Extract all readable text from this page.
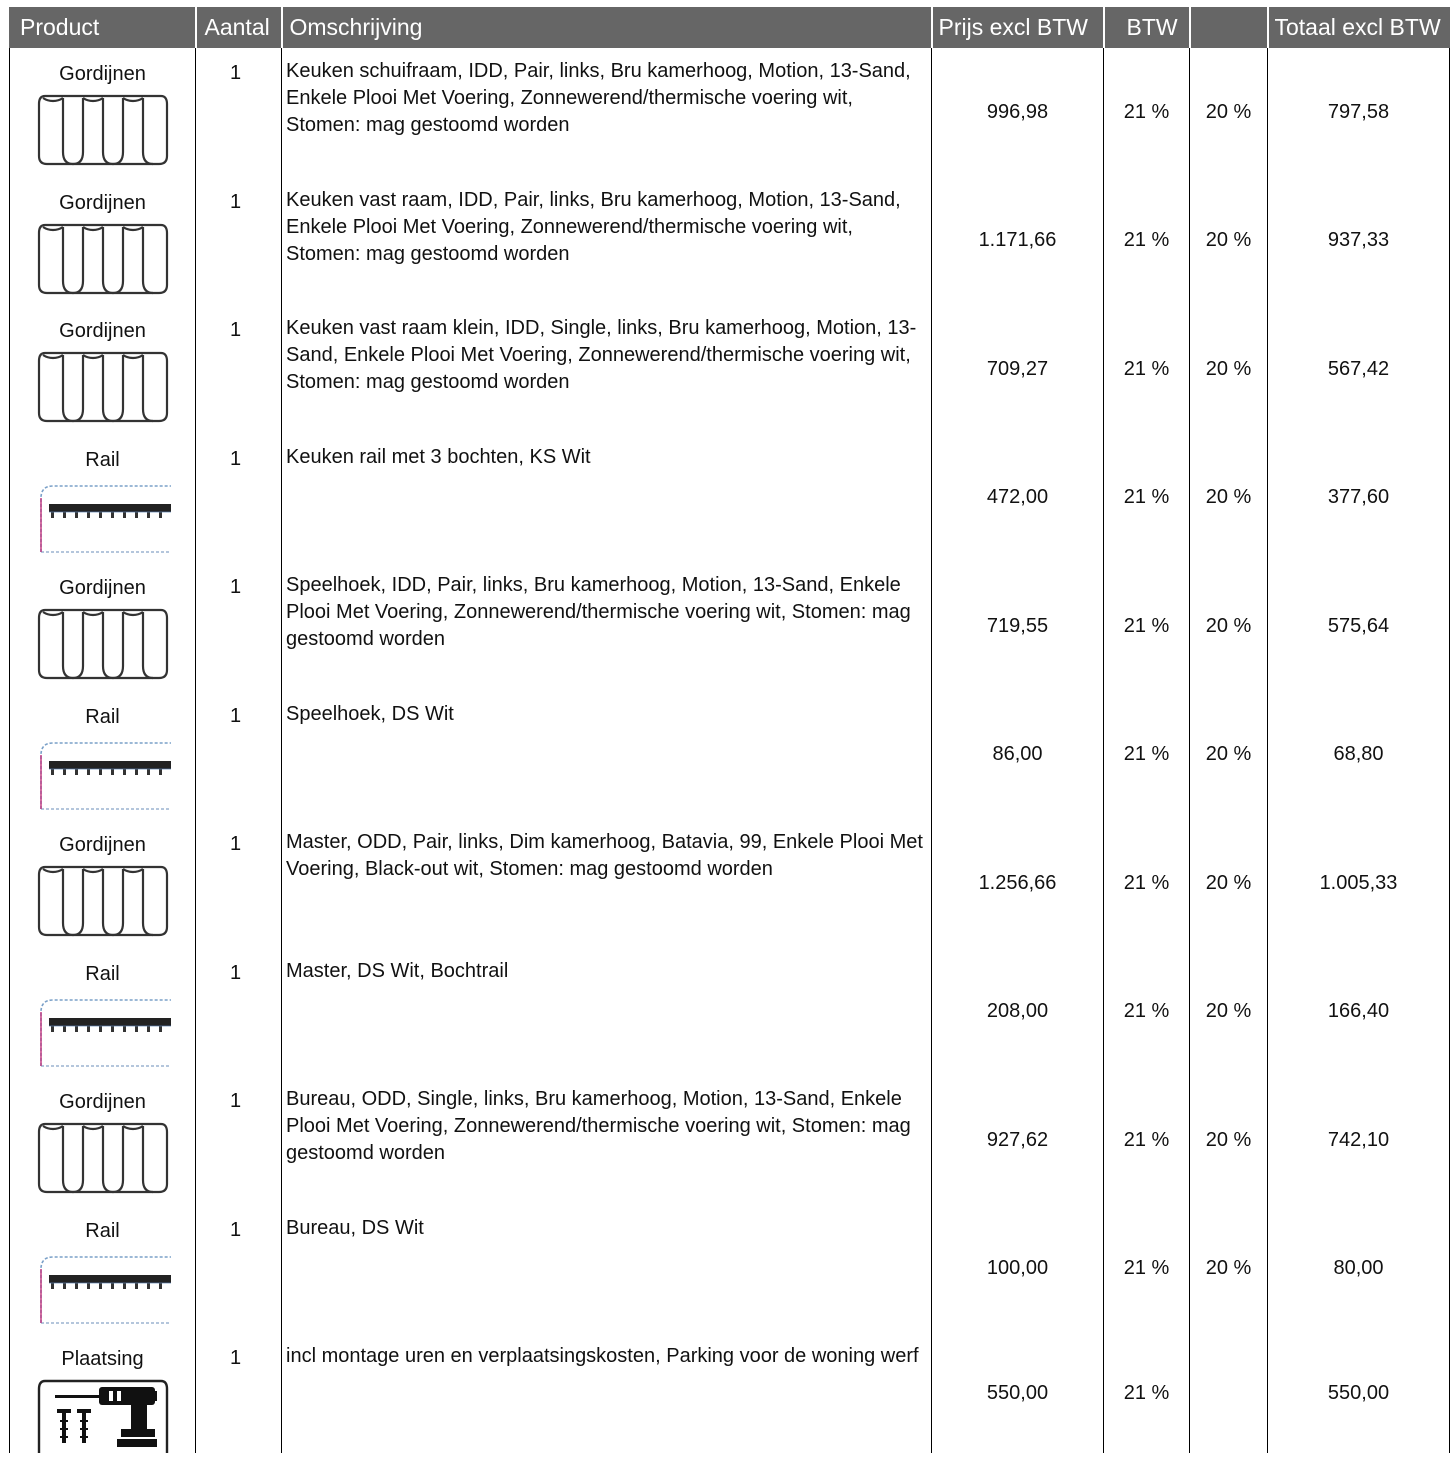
Product	Aantal	Omschrijving	Prijs excl BTW	BTW		Totaal excl BTW

Gordijnen	1	Keuken schuifraam, IDD, Pair, links, Bru kamerhoog, Motion, 13-Sand, Enkele Plooi Met Voering, Zonnewerend/thermische voering wit, Stomen: mag gestoomd worden	996,98	21 %	20 %	797,58

Gordijnen	1	Keuken vast raam, IDD, Pair, links, Bru kamerhoog, Motion, 13-Sand, Enkele Plooi Met Voering, Zonnewerend/thermische voering wit, Stomen: mag gestoomd worden	1.171,66	21 %	20 %	937,33

Gordijnen	1	Keuken vast raam klein, IDD, Single, links, Bru kamerhoog, Motion, 13-Sand, Enkele Plooi Met Voering, Zonnewerend/thermische voering wit, Stomen: mag gestoomd worden	709,27	21 %	20 %	567,42

Rail	1	Keuken rail met 3 bochten, KS Wit	472,00	21 %	20 %	377,60

Gordijnen	1	Speelhoek, IDD, Pair, links, Bru kamerhoog, Motion, 13-Sand, Enkele Plooi Met Voering, Zonnewerend/thermische voering wit, Stomen: mag gestoomd worden	719,55	21 %	20 %	575,64

Rail	1	Speelhoek, DS Wit	86,00	21 %	20 %	68,80

Gordijnen	1	Master, ODD, Pair, links, Dim kamerhoog, Batavia, 99, Enkele Plooi Met Voering, Black-out wit, Stomen: mag gestoomd worden	1.256,66	21 %	20 %	1.005,33

Rail	1	Master, DS Wit, Bochtrail	208,00	21 %	20 %	166,40

Gordijnen	1	Bureau, ODD, Single, links, Bru kamerhoog, Motion, 13-Sand, Enkele Plooi Met Voering, Zonnewerend/thermische voering wit, Stomen: mag gestoomd worden	927,62	21 %	20 %	742,10

Rail	1	Bureau, DS Wit	100,00	21 %	20 %	80,00

Plaatsing	1	incl montage uren en verplaatsingskosten, Parking voor de woning werf	550,00	21 %		550,00
